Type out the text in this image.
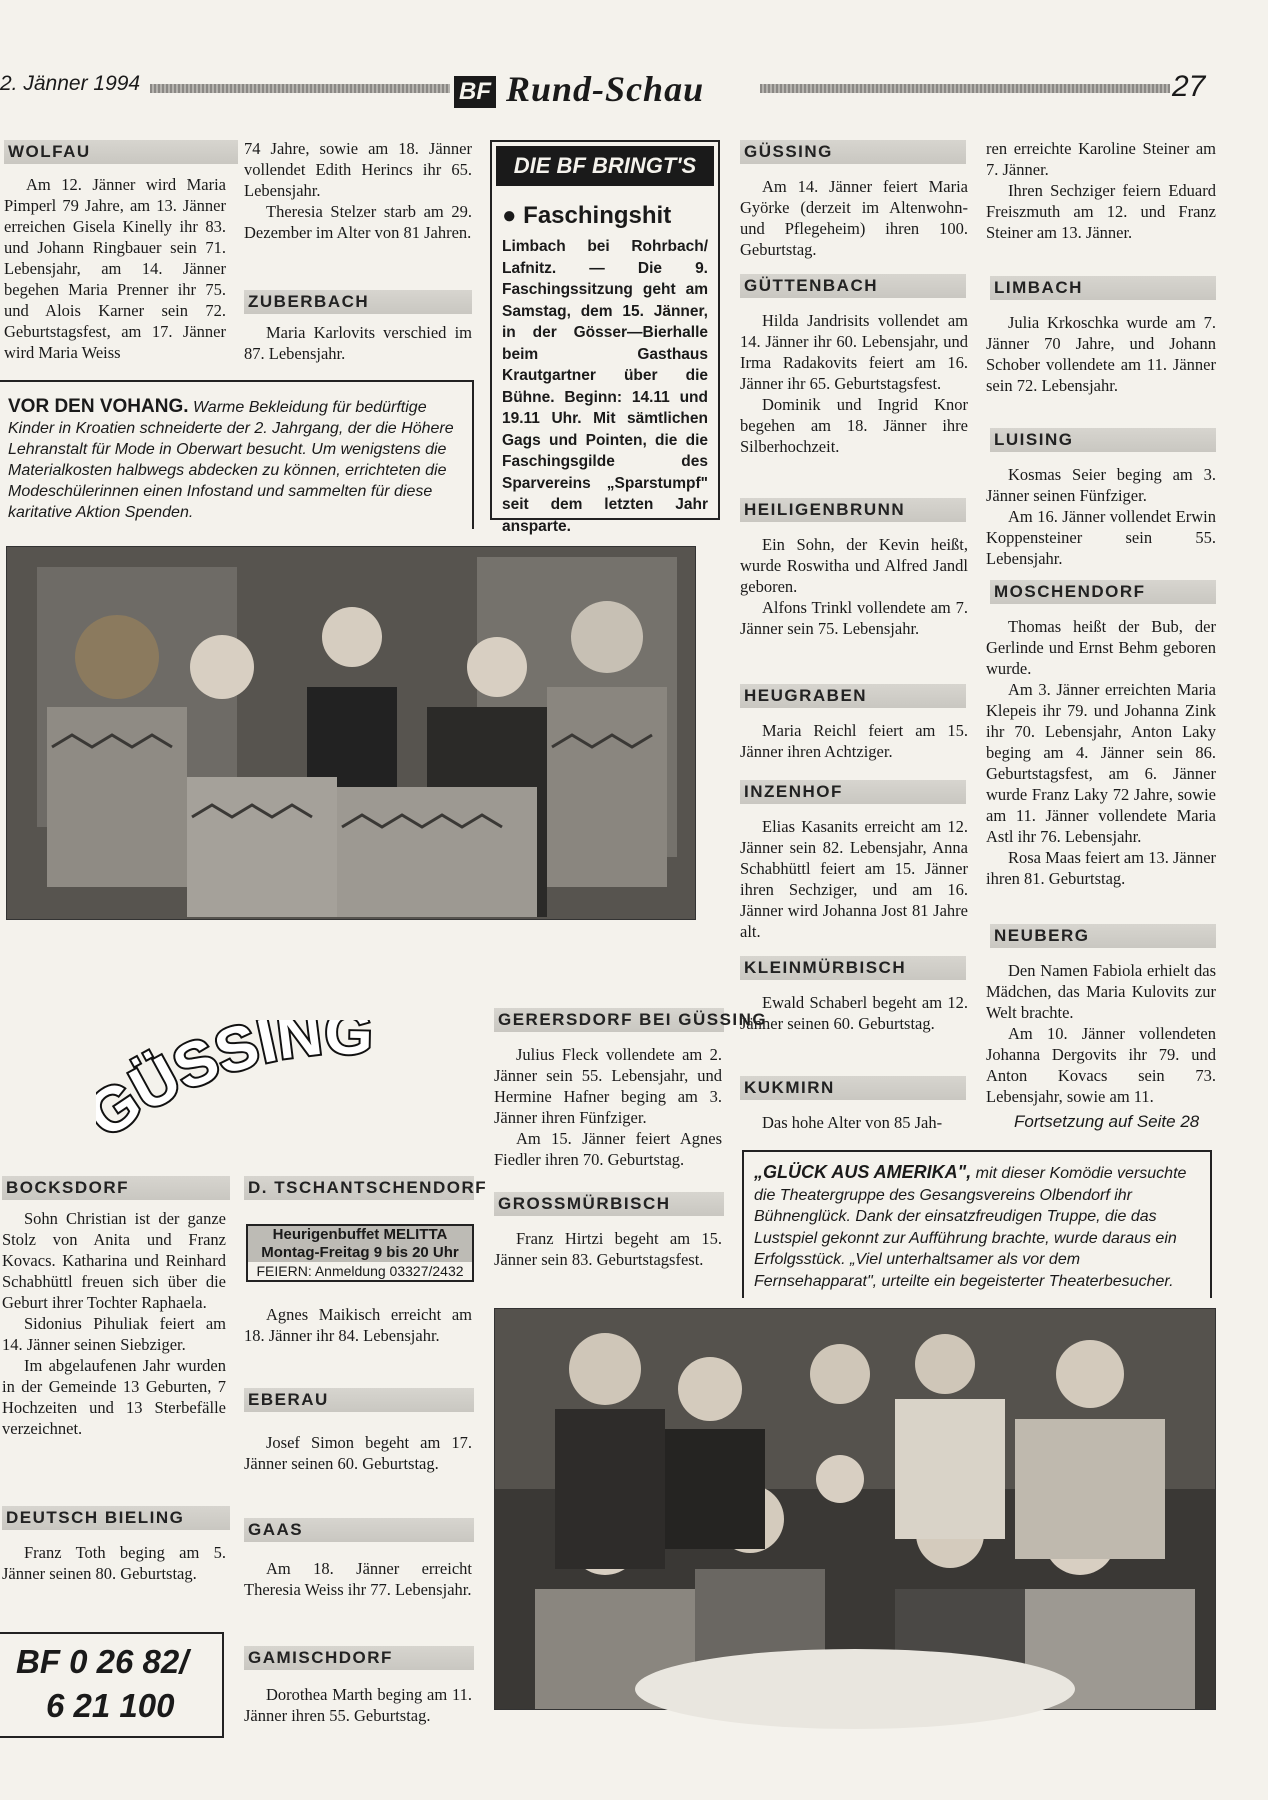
2. Jänner 1994	BF Rund-Schau	27
WOLFAU

Am 12. Jänner wird Maria Pimperl 79 Jahre, am 13. Jänner erreichen Gisela Kinelly ihr 83. und Johann Ringbauer sein 71. Lebensjahr, am 14. Jänner begehen Maria Prenner ihr 75. und Alois Karner sein 72. Geburtstagsfest, am 17. Jänner wird Maria Weiss

74 Jahre, sowie am 18. Jänner vollendet Edith Herincs ihr 65. Lebensjahr.

Theresia Stelzer starb am 29. Dezember im Alter von 81 Jahren.

ZUBERBACH

Maria Karlovits verschied im 87. Lebensjahr.

VOR DEN VOHANG. Warme Bekleidung für bedürftige Kinder in Kroatien schneiderte der 2. Jahrgang, der die Höhere Lehranstalt für Mode in Oberwart besucht. Um wenigstens die Materialkosten halbwegs abdecken zu können, errichteten die Modeschülerinnen einen Infostand und sammelten für diese karitative Aktion Spenden.
DIE BF BRINGT'S
● Faschingshit
Limbach bei Rohrbach/ Lafnitz. — Die 9. Faschingssitzung geht am Samstag, dem 15. Jänner, in der Gösser—Bierhalle beim Gasthaus Krautgartner über die Bühne. Beginn: 14.11 und 19.11 Uhr. Mit sämtlichen Gags und Pointen, die die Faschingsgilde des Sparvereins „Sparstumpf" seit dem letzten Jahr ansparte.
GÜSSING

Am 14. Jänner feiert Maria Györke (derzeit im Altenwohn- und Pflegeheim) ihren 100. Geburtstag.

GÜTTENBACH

Hilda Jandrisits vollendet am 14. Jänner ihr 60. Lebensjahr, und Irma Radakovits feiert am 16. Jänner ihr 65. Geburtstagsfest.

Dominik und Ingrid Knor begehen am 18. Jänner ihre Silberhochzeit.

HEILIGENBRUNN

Ein Sohn, der Kevin heißt, wurde Roswitha und Alfred Jandl geboren.

Alfons Trinkl vollendete am 7. Jänner sein 75. Lebensjahr.

HEUGRABEN

Maria Reichl feiert am 15. Jänner ihren Achtziger.

INZENHOF

Elias Kasanits erreicht am 12. Jänner sein 82. Lebensjahr, Anna Schabhüttl feiert am 15. Jänner ihren Sechziger, und am 16. Jänner wird Johanna Jost 81 Jahre alt.

KLEINMÜRBISCH

Ewald Schaberl begeht am 12. Jänner seinen 60. Geburtstag.

KUKMIRN

Das hohe Alter von 85 Jah-

ren erreichte Karoline Steiner am 7. Jänner.

Ihren Sechziger feiern Eduard Freiszmuth am 12. und Franz Steiner am 13. Jänner.

LIMBACH

Julia Krkoschka wurde am 7. Jänner 70 Jahre, und Johann Schober vollendete am 11. Jänner sein 72. Lebensjahr.

LUISING

Kosmas Seier beging am 3. Jänner seinen Fünfziger.

Am 16. Jänner vollendet Erwin Koppensteiner sein 55. Lebensjahr.

MOSCHENDORF

Thomas heißt der Bub, der Gerlinde und Ernst Behm geboren wurde.

Am 3. Jänner erreichten Maria Klepeis ihr 79. und Johanna Zink ihr 70. Lebensjahr, Anton Laky beging am 4. Jänner sein 86. Geburtstagsfest, am 6. Jänner wurde Franz Laky 72 Jahre, sowie am 11. Jänner vollendete Maria Astl ihr 76. Lebensjahr.

Rosa Maas feiert am 13. Jänner ihren 81. Geburtstag.

NEUBERG

Den Namen Fabiola erhielt das Mädchen, das Maria Kulovits zur Welt brachte.

Am 10. Jänner vollendeten Johanna Dergovits ihr 79. und Anton Kovacs sein 73. Lebensjahr, sowie am 11.

Fortsetzung auf Seite 28
ÜSSING	GERERSDORF BEI GÜSSING

Julius Fleck vollendete am 2. Jänner sein 55. Lebensjahr, und Hermine Hafner beging am 3. Jänner ihren Fünfziger.

Am 15. Jänner feiert Agnes Fiedler ihren 70. Geburtstag.

GROSSMÜRBISCH

Franz Hirtzi begeht am 15. Jänner sein 83. Geburtstagsfest.

„GLÜCK AUS AMERIKA", mit dieser Komödie versuchte die Theatergruppe des Gesangsvereins Olbendorf ihr Bühnenglück. Dank der einsatzfreudigen Truppe, die das Lustspiel gekonnt zur Aufführung brachte, wurde daraus ein Erfolgsstück. „Viel unterhaltsamer als vor dem Fernsehapparat", urteilte ein begeisterter Theaterbesucher.
BOCKSDORF

Sohn Christian ist der ganze Stolz von Anita und Franz Kovacs. Katharina und Reinhard Schabhüttl freuen sich über die Geburt ihrer Tochter Raphaela.

Sidonius Pihuliak feiert am 14. Jänner seinen Siebziger.

Im abgelaufenen Jahr wurden in der Gemeinde 13 Geburten, 7 Hochzeiten und 13 Sterbefälle verzeichnet.

DEUTSCH BIELING

Franz Toth beging am 5. Jänner seinen 80. Geburtstag.

BF 0 26 82/
6 21 100
D. TSCHANTSCHENDORF
Heurigenbuffet MELITTA
Montag-Freitag 9 bis 20 Uhr
FEIERN: Anmeldung 03327/2432

Agnes Maikisch erreicht am 18. Jänner ihr 84. Lebensjahr.

EBERAU

Josef Simon begeht am 17. Jänner seinen 60. Geburtstag.

GAAS

Am 18. Jänner erreicht Theresia Weiss ihr 77. Lebensjahr.

GAMISCHDORF

Dorothea Marth beging am 11. Jänner ihren 55. Geburtstag.
